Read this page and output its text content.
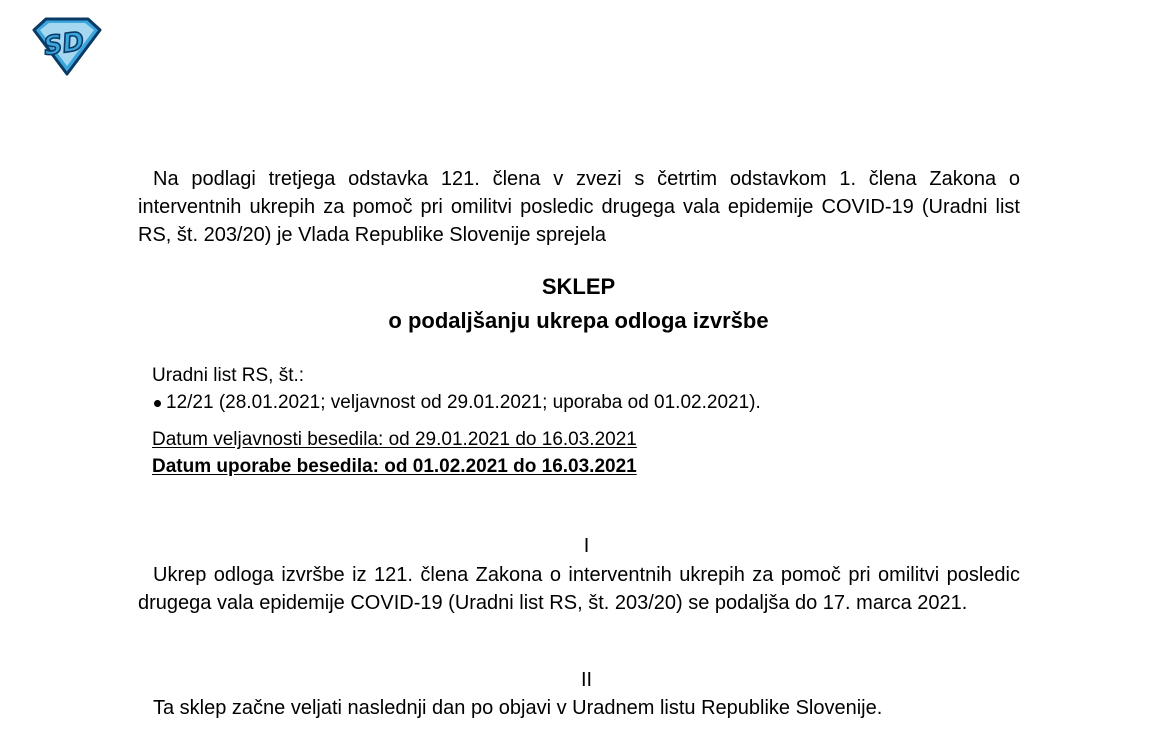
SD

Na podlagi tretjega odstavka 121. člena v zvezi s četrtim odstavkom 1. člena Zakona o interventnih ukrepih za pomoč pri omilitvi posledic drugega vala epidemije COVID-19 (Uradni list RS, št. 203/20) je Vlada Republike Slovenije sprejela

SKLEP
o podaljšanju ukrepa odloga izvršbe
Uradni list RS, št.:
12/21 (28.01.2021; veljavnost od 29.01.2021; uporaba od 01.02.2021).
Datum veljavnosti besedila: od 29.01.2021 do 16.03.2021
Datum uporabe besedila: od 01.02.2021 do 16.03.2021

I

Ukrep odloga izvršbe iz 121. člena Zakona o interventnih ukrepih za pomoč pri omilitvi posledic drugega vala epidemije COVID-19 (Uradni list RS, št. 203/20) se podaljša do 17. marca 2021.

II

Ta sklep začne veljati naslednji dan po objavi v Uradnem listu Republike Slovenije.
